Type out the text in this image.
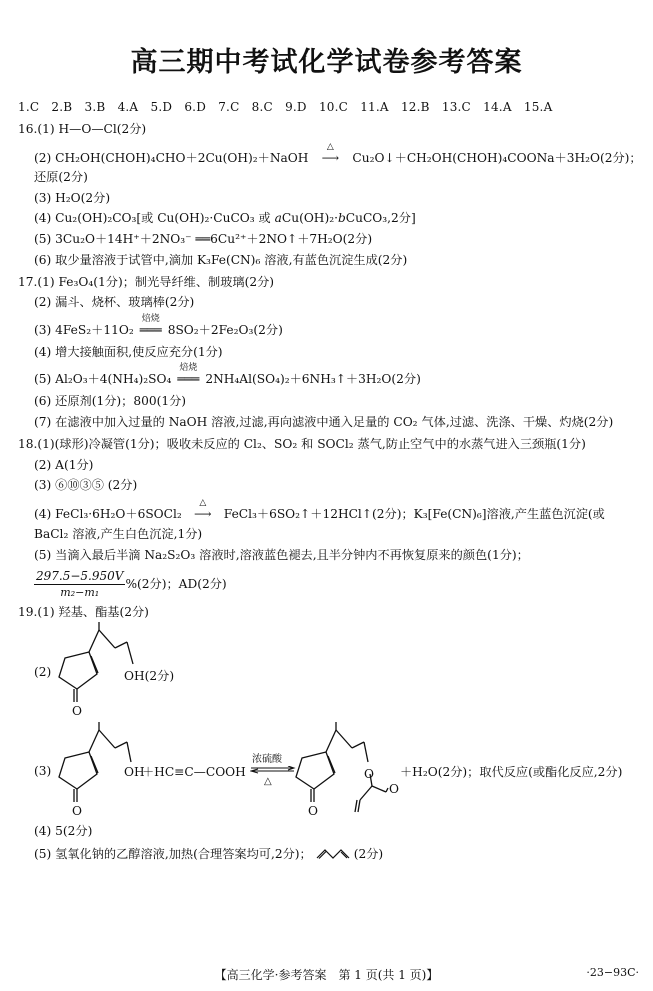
高三期中考试化学试卷参考答案
1.C　2.B　3.B　4.A　5.D　6.D　7.C　8.C　9.D　10.C　11.A　12.B　13.C　14.A　15.A
16.(1) H—O—Cl(2分)
(2) CH₂OH(CHOH)₄CHO＋2Cu(OH)₂＋NaOH
△
⟶ Cu₂O↓＋CH₂OH(CHOH)₄COONa＋3H₂O(2分)；
还原(2分)
(3) H₂O(2分)
(4) Cu₂(OH)₂CO₃[或 Cu(OH)₂·CuCO₃ 或 aCu(OH)₂·bCuCO₃,2分]
(5) 3Cu₂O＋14H⁺＋2NO₃⁻ ══6Cu²⁺＋2NO↑＋7H₂O(2分)
(6) 取少量溶液于试管中,滴加 K₃Fe(CN)₆ 溶液,有蓝色沉淀生成(2分)
17.(1) Fe₃O₄(1分)；制光导纤维、制玻璃(2分)
(2) 漏斗、烧杯、玻璃棒(2分)
(3) 4FeS₂＋11O₂
焙烧
═══ 8SO₂＋2Fe₂O₃(2分)
(4) 增大接触面积,使反应充分(1分)
(5) Al₂O₃＋4(NH₄)₂SO₄
焙烧
═══ 2NH₄Al(SO₄)₂＋6NH₃↑＋3H₂O(2分)
(6) 还原剂(1分)；800(1分)
(7) 在滤液中加入过量的 NaOH 溶液,过滤,再向滤液中通入足量的 CO₂ 气体,过滤、洗涤、干燥、灼烧(2分)
18.(1)(球形)冷凝管(1分)；吸收未反应的 Cl₂、SO₂ 和 SOCl₂ 蒸气,防止空气中的水蒸气进入三颈瓶(1分)
(2) A(1分)
(3) ⑥⑩③⑤ (2分)
(4) FeCl₃·6H₂O＋6SOCl₂
△
⟶ FeCl₃＋6SO₂↑＋12HCl↑(2分)；K₃[Fe(CN)₆]溶液,产生蓝色沉淀(或
BaCl₂ 溶液,产生白色沉淀,1分)
(5) 当滴入最后半滴 Na₂S₂O₃ 溶液时,溶液蓝色褪去,且半分钟内不再恢复原来的颜色(1分)；
$\frac{297.5-5.950V}{\text{m₂−m₁}} \%(2$分)；AD(2分)
19.(1) 羟基、酯基(2分)
(2)	OH(2分)
O
(3)	OH
O
＋HC≡C—COOH
浓硫酸
△
O
O
O
＋H₂O(2分)；取代反应(或酯化反应,2分)
(4) 5(2分)
(5) 氢氧化钠的乙醇溶液,加热(合理答案均可,2分)；	(2分)
【高三化学·参考答案　第 1 页(共 1 页)】	·23−93C·
